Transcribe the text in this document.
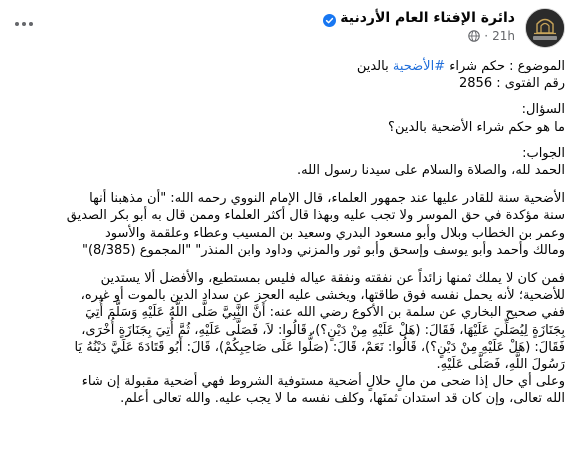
دائرة الإفتاء العام الأردنية
21h
·

الموضوع : حكم شراء #الأضحية بالدين

رقم الفتوى : 2856

السؤال:

ما هو حكم شراء الأضحية بالدين؟

الجواب:

الحمد لله، والصلاة والسلام على سيدنا رسول الله.

الأضحية سنة للقادر عليها عند جمهور العلماء، قال الإمام النووي رحمه الله: "أن مذهبنا أنها

سنة مؤكدة في حق الموسر ولا تجب عليه وبهذا قال أكثر العلماء وممن قال به أبو بكر الصديق

وعمر بن الخطاب وبلال وأبو مسعود البدري وسعيد بن المسيب وعطاء وعلقمة والأسود

ومالك وأحمد وأبو يوسف وإسحق وأبو ثور والمزني وداود وابن المنذر" "المجموع (8/385)"

فمن كان لا يملك ثمنها زائداً عن نفقته ونفقة عياله فليس بمستطيع، والأفضل ألا يستدين

للأضحية؛ لأنه يحمل نفسه فوق طاقتها، ويخشى عليه العجز عن سداد الدين بالموت أو غيره،

ففي صحيح البخاري عن سلمة بن الأكوع رضي الله عنه: أَنَّ النَّبِيَّ صَلَّى اللَّهُ عَلَيْهِ وَسَلَّمَ أُتِيَ

بِجَنَازَةٍ لِيُصَلِّيَ عَلَيْهَا، فَقَالَ: (هَلْ عَلَيْهِ مِنْ دَيْنٍ؟)، قَالُوا: لاَ، فَصَلَّى عَلَيْهِ، ثُمَّ أُتِيَ بِجَنَازَةٍ أُخْرَى،

فَقَالَ: (هَلْ عَلَيْهِ مِنْ دَيْنٍ؟)، قَالُوا: نَعَمْ، قَالَ: (صَلُّوا عَلَى صَاحِبِكُمْ)، قَالَ: أَبُو قَتَادَةَ عَلَيَّ دَيْنُهُ يَا

رَسُولَ اللَّهِ، فَصَلَّى عَلَيْهِ.

وعلى أي حال إذا ضحى من مالٍ حلالٍ أضحية مستوفية الشروط فهي أضحية مقبولة إن شاء

الله تعالى، وإن كان قد استدان ثمنَها، وكلف نفسه ما لا يجب عليه. والله تعالى أعلم.
